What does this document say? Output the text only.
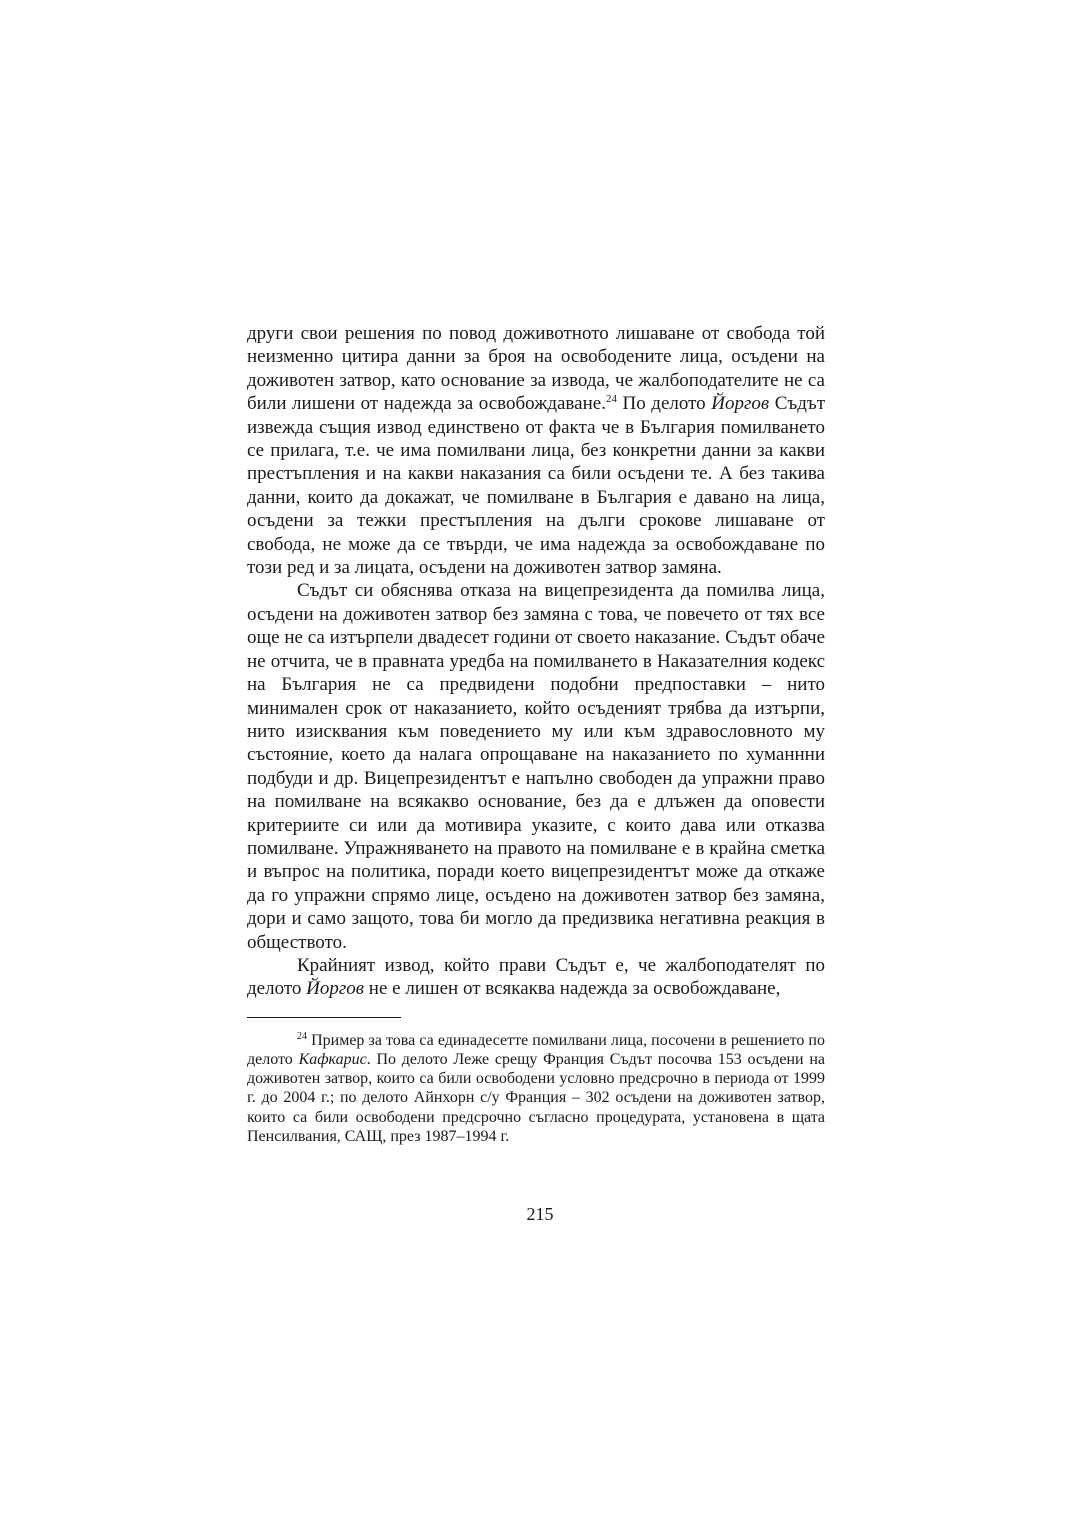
други свои решения по повод доживотното лишаване от свобода той неизменно цитира данни за броя на освободените лица, осъдени на доживотен затвор, като основание за извода, че жалбоподателите не са били лишени от надежда за освобождаване.$^{24}$ По делото Йоргов Съдът извежда същия извод единствено от факта че в България помилването се прилага, т.е. че има помилвани лица, без конкретни данни за какви престъпления и на какви наказания са били осъдени те. А без такива данни, които да докажат, че помилване в България е давано на лица, осъдени за тежки престъпления на дълги срокове лишаване от свобода, не може да се твърди, че има надежда за освобождаване по този ред и за лицата, осъдени на доживотен затвор замяна.

Съдът си обяснява отказа на вицепрезидента да помилва лица, осъдени на доживотен затвор без замяна с това, че повечето от тях все още не са изтърпели двадесет години от своето наказание. Съдът обаче не отчита, че в правната уредба на помилването в Наказателния кодекс на България не са предвидени подобни предпоставки – нито минимален срок от наказанието, който осъденият трябва да изтърпи, нито изисквания към поведението му или към здравословното му състояние, което да налага опрощаване на наказанието по хуманнни подбуди и др. Вицепрезидентът е напълно свободен да упражни право на помилване на всякакво основание, без да е длъжен да оповести критериите си или да мотивира указите, с които дава или отказва помилване. Упражняването на правото на помилване е в крайна сметка и въпрос на политика, поради което вицепрезидентът може да откаже да го упражни спрямо лице, осъдено на доживотен затвор без замяна, дори и само защото, това би могло да предизвика негативна реакция в обществото.

Крайният извод, който прави Съдът е, че жалбоподателят по делото Йоргов не е лишен от всякаква надежда за освобождаване,

$^{24}$ Пример за това са единадесетте помилвани лица, посочени в решението по делото Кафкарис. По делото Леже срещу Франция Съдът посочва 153 осъдени на доживотен затвор, които са били освободени условно предсрочно в периода от 1999 г. до 2004 г.; по делото Айнхорн с/у Франция – 302 осъдени на доживотен затвор, които са били освободени предсрочно съгласно процедурата, установена в щата Пенсилвания, САЩ, през 1987–1994 г.

215
